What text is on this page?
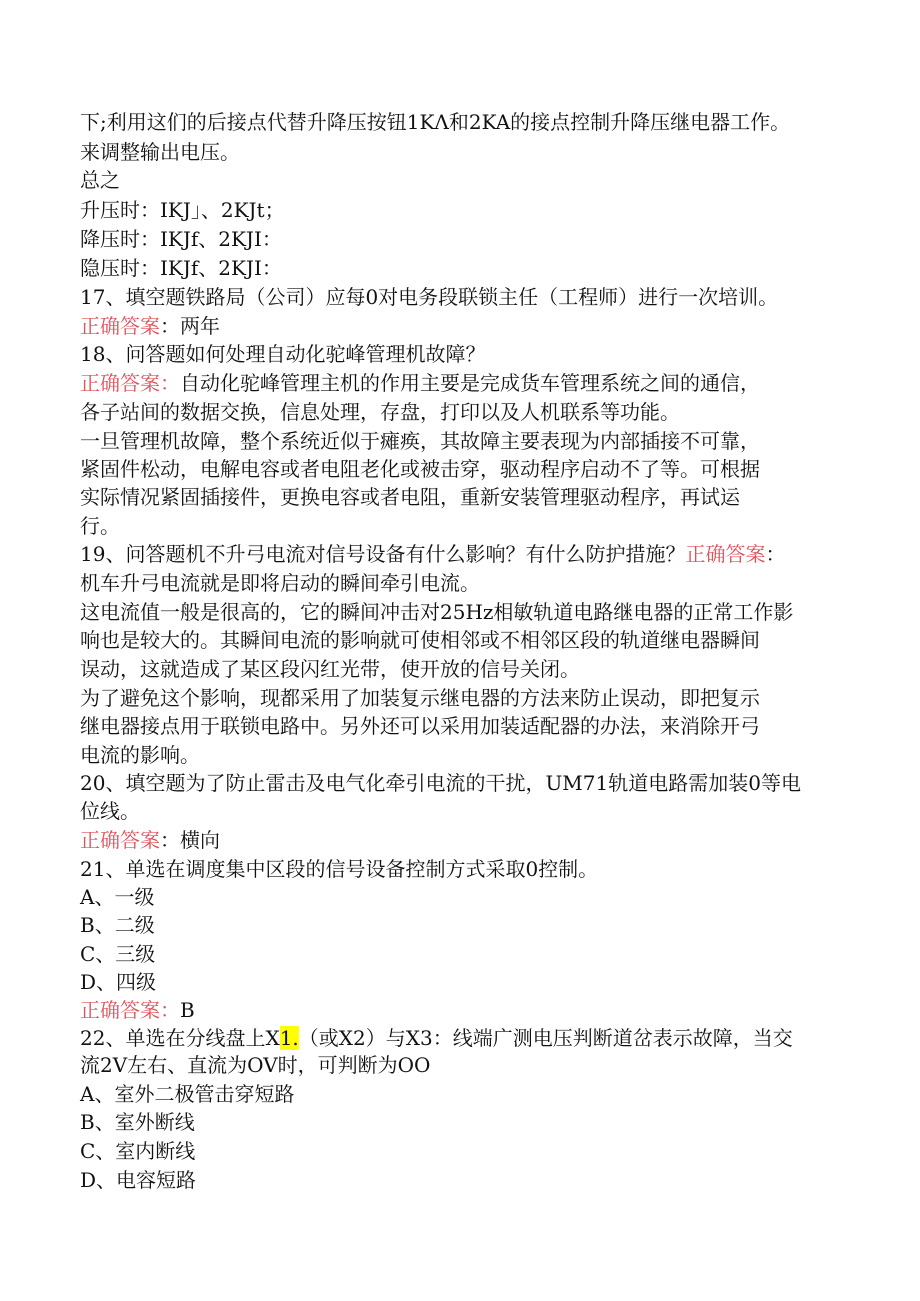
下;利用这们的后接点代替升降压按钮1KΛ和2KA的接点控制升降压继电器工作。
来调整输出电压。
总之
升压时：IKJ」、2KJt；
降压时：IKJf、2KJI：
隐压时：IKJf、2KJI：
17、填空题铁路局（公司）应每0对电务段联锁主任（工程师）进行一次培训。
正确答案：两年
18、问答题如何处理自动化驼峰管理机故障？
正确答案：自动化驼峰管理主机的作用主要是完成货车管理系统之间的通信，
各子站间的数据交换，信息处理，存盘，打印以及人机联系等功能。
一旦管理机故障，整个系统近似于瘫痪，其故障主要表现为内部插接不可靠，
紧固件松动，电解电容或者电阻老化或被击穿，驱动程序启动不了等。可根据
实际情况紧固插接件，更换电容或者电阻，重新安装管理驱动程序，再试运
行。
19、问答题机不升弓电流对信号设备有什么影响？有什么防护措施？正确答案：
机车升弓电流就是即将启动的瞬间牵引电流。
这电流值一般是很高的，它的瞬间冲击对25Hz相敏轨道电路继电器的正常工作影
响也是较大的。其瞬间电流的影响就可使相邻或不相邻区段的轨道继电器瞬间
误动，这就造成了某区段闪红光带，使开放的信号关闭。
为了避免这个影响，现都采用了加装复示继电器的方法来防止误动，即把复示
继电器接点用于联锁电路中。另外还可以采用加装适配器的办法，来消除开弓
电流的影响。
20、填空题为了防止雷击及电气化牵引电流的干扰，UM71轨道电路需加装0等电
位线。
正确答案：横向
21、单选在调度集中区段的信号设备控制方式采取0控制。
A、一级
B、二级
C、三级
D、四级
正确答案：B
22、单选在分线盘上X1.（或X2）与X3：线端广测电压判断道岔表示故障，当交
流2V左右、直流为OV时，可判断为OO
A、室外二极管击穿短路
B、室外断线
C、室内断线
D、电容短路
